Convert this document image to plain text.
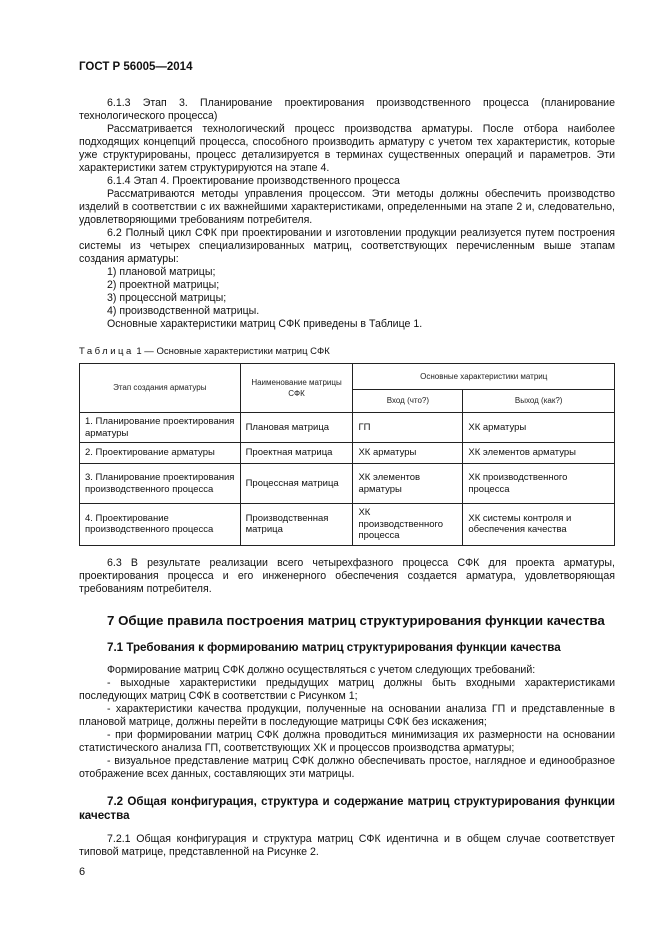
ГОСТ Р 56005—2014

6.1.3 Этап 3. Планирование проектирования производственного процесса (планирование технологического процесса)

Рассматривается технологический процесс производства арматуры. После отбора наиболее подходящих концепций процесса, способного производить арматуру с учетом тех характеристик, которые уже структурированы, процесс детализируется в терминах существенных операций и параметров. Эти характеристики затем структурируются на этапе 4.

6.1.4 Этап 4. Проектирование производственного процесса

Рассматриваются методы управления процессом. Эти методы должны обеспечить производство изделий в соответствии с их важнейшими характеристиками, определенными на этапе 2 и, следовательно, удовлетворяющими требованиям потребителя.

6.2 Полный цикл СФК при проектировании и изготовлении продукции реализуется путем построения системы из четырех специализированных матриц, соответствующих перечисленным выше этапам создания арматуры:

1) плановой матрицы;

2) проектной матрицы;

3) процессной матрицы;

4) производственной матрицы.

Основные характеристики матриц СФК приведены в Таблице 1.

Таблица 1 — Основные характеристики матриц СФК
Этап создания арматуры	Наименование матрицы СФК	Основные характеристики матриц	
		Вход (что?)	Выход (как?)
1. Планирование проектирования арматуры	Плановая матрица	ГП	ХК арматуры
2. Проектирование арматуры	Проектная матрица	ХК арматуры	ХК элементов арматуры
3. Планирование проектирования производственного процесса	Процессная матрица	ХК элементов арматуры	ХК производственного процесса
4. Проектирование производственного процесса	Производственная матрица	ХК производственного процесса	ХК системы контроля и обеспечения качества

6.3 В результате реализации всего четырехфазного процесса СФК для проекта арматуры, проектирования процесса и его инженерного обеспечения создается арматура, удовлетворяющая требованиям потребителя.

7 Общие правила построения матриц структурирования функции качества
7.1 Требования к формированию матриц структурирования функции качества

Формирование матриц СФК должно осуществляться с учетом следующих требований:

- выходные характеристики предыдущих матриц должны быть входными характеристиками последующих матриц СФК в соответствии с Рисунком 1;

- характеристики качества продукции, полученные на основании анализа ГП и представленные в плановой матрице, должны перейти в последующие матрицы СФК без искажения;

- при формировании матриц СФК должна проводиться минимизация их размерности на основании статистического анализа ГП, соответствующих ХК и процессов производства арматуры;

- визуальное представление матриц СФК должно обеспечивать простое, наглядное и единообразное отображение всех данных, составляющих эти матрицы.

7.2 Общая конфигурация, структура и содержание матриц структурирования функции качества

7.2.1 Общая конфигурация и структура матриц СФК идентична и в общем случае соответствует типовой матрице, представленной на Рисунке 2.

6
